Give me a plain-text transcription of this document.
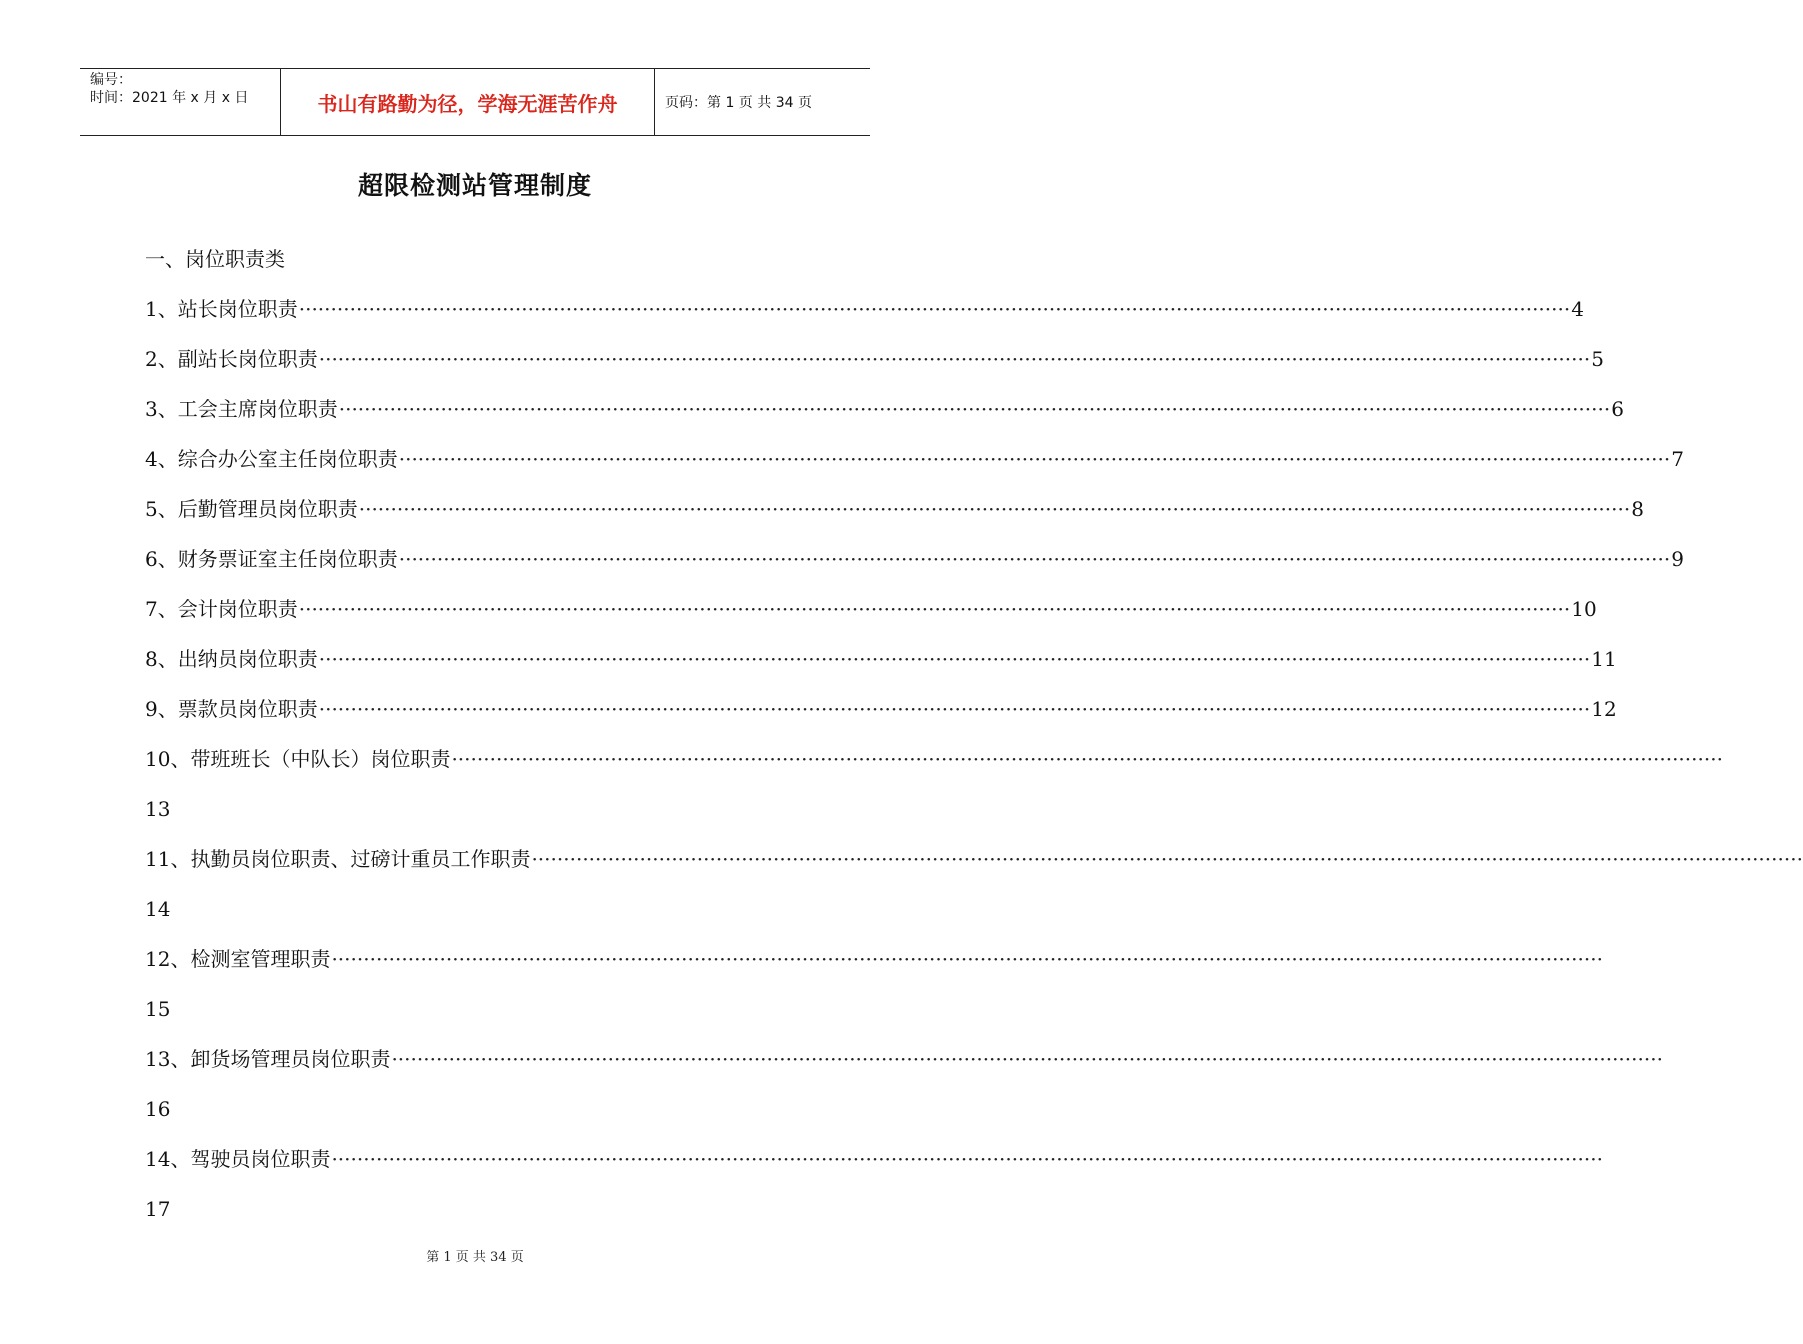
编号：
时间：2021 年 x 月 x 日	书山有路勤为径，学海无涯苦作舟	页码：第 1 页 共 34 页
超限检测站管理制度
一、岗位职责类
1、站长岗位职责 ········································································································································································································ 4
2、副站长岗位职责 ········································································································································································································ 5
3、工会主席岗位职责 ········································································································································································································ 6
4、综合办公室主任岗位职责 ········································································································································································································ 7
5、后勤管理员岗位职责 ········································································································································································································ 8
6、财务票证室主任岗位职责 ········································································································································································································ 9
7、会计岗位职责 ········································································································································································································ 10
8、出纳员岗位职责 ········································································································································································································ 11
9、票款员岗位职责 ········································································································································································································ 12
10、带班班长（中队长）岗位职责 ········································································································································································································
13
11、执勤员岗位职责、过磅计重员工作职责 ········································································································································································································
14
12、检测室管理职责 ········································································································································································································
15
13、卸货场管理员岗位职责 ········································································································································································································
16
14、驾驶员岗位职责 ········································································································································································································
17
第 1 页 共 34 页
